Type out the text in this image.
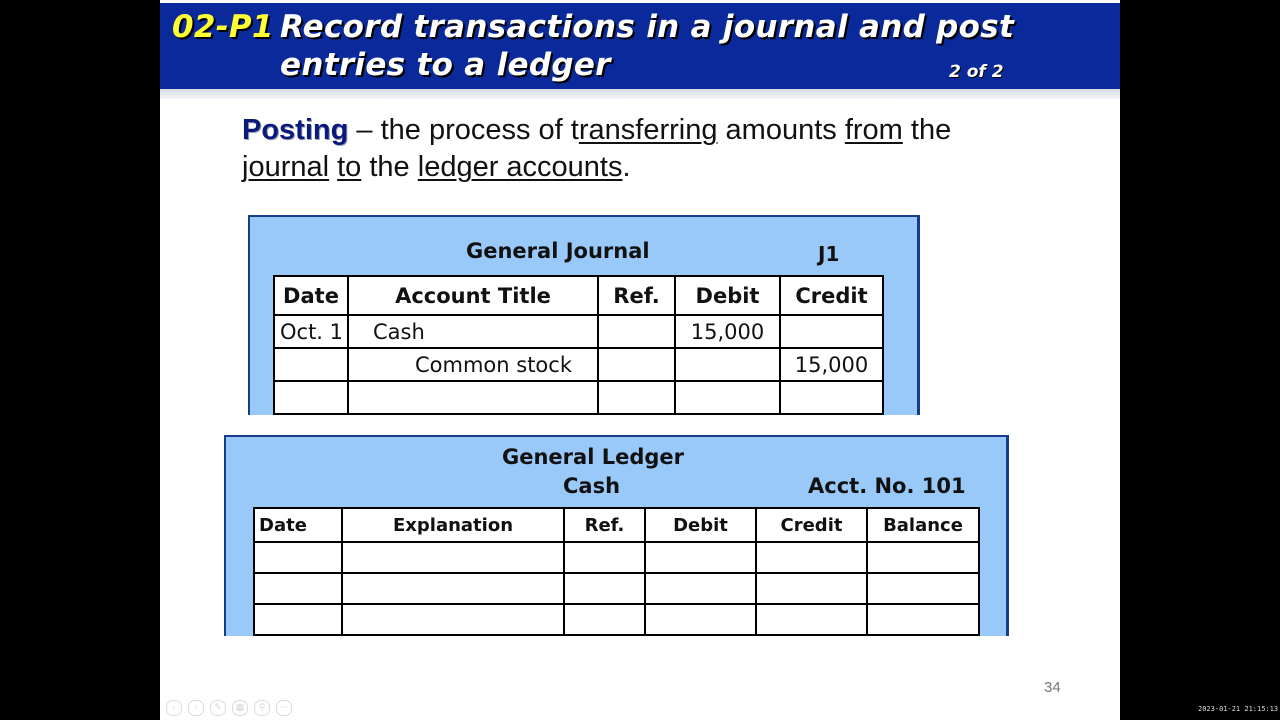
02-P1 Record transactions in a journal and post
entries to a ledger	2 of 2
Posting – the process of transferring amounts from the
journal to the ledger accounts.
General Journal	J1
Date	Account Title	Ref.	Debit	Credit
Oct. 1	Cash		15,000	
	Common stock			15,000

General Ledger
Cash	Acct. No. 101
Date	Explanation	Ref.	Debit	Credit	Balance

34
‹	›	✎	▦	⚲	⋯	2023-01-21 21:15:13
